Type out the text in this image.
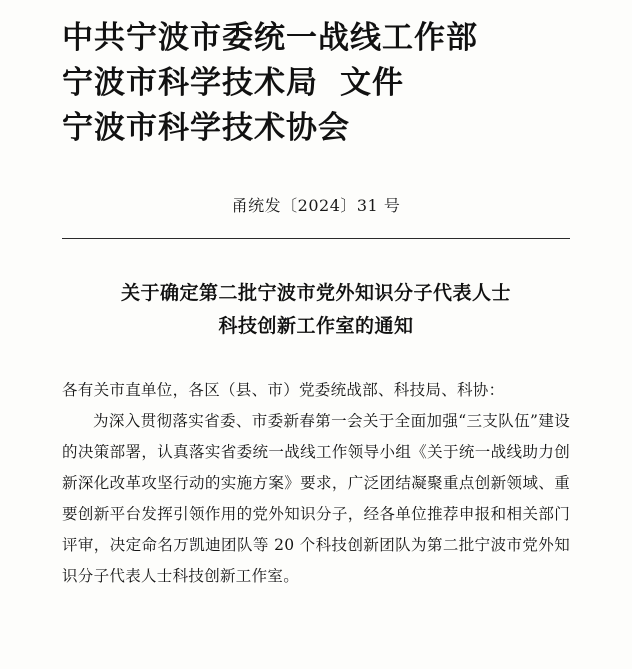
中共宁波市委统一战线工作部
宁波市科学技术局 文件
宁波市科学技术协会
甬统发〔2024〕31 号
关于确定第二批宁波市党外知识分子代表人士
科技创新工作室的通知

各有关市直单位，各区（县、市）党委统战部、科技局、科协：

为深入贯彻落实省委、市委新春第一会关于全面加强“三支队伍”建设的决策部署，认真落实省委统一战线工作领导小组《关于统一战线助力创新深化改革攻坚行动的实施方案》要求，广泛团结凝聚重点创新领域、重要创新平台发挥引领作用的党外知识分子，经各单位推荐申报和相关部门评审，决定命名万凯迪团队等 20 个科技创新团队为第二批宁波市党外知识分子代表人士科技创新工作室。
